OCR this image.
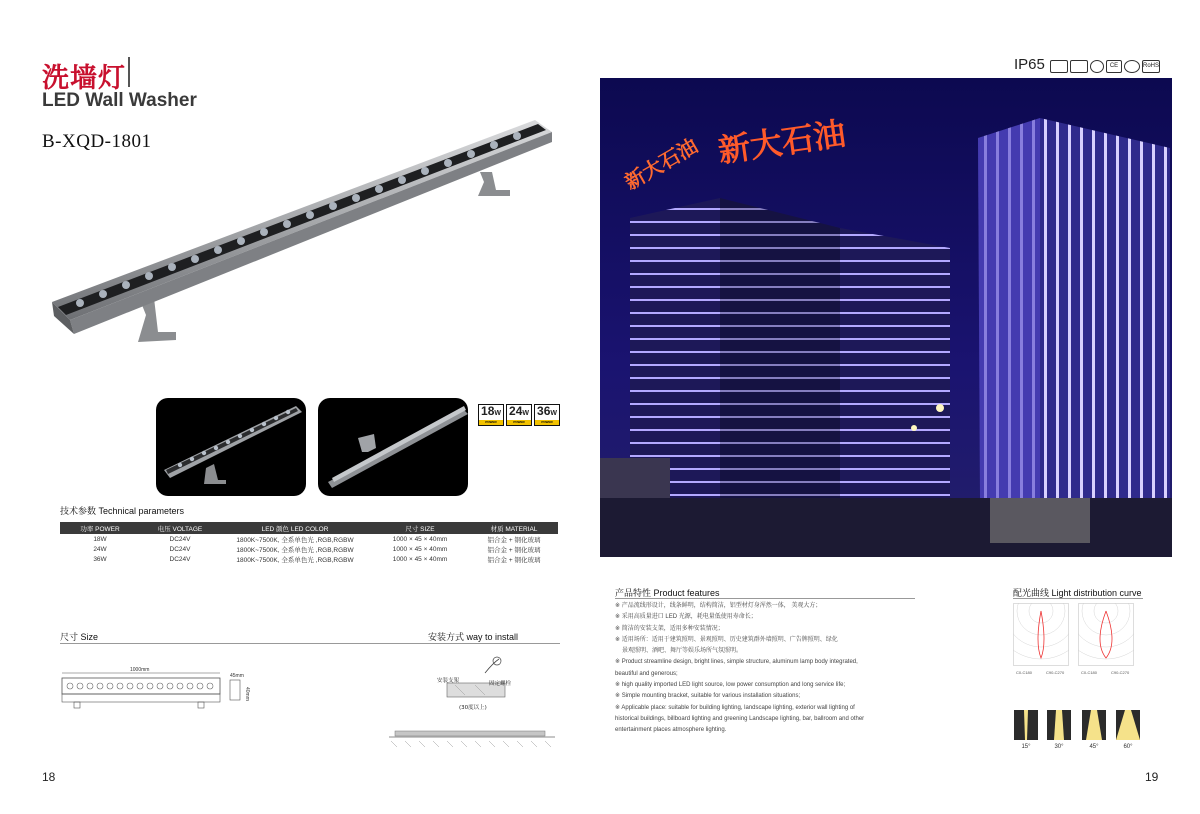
洗墙灯
LED Wall Washer
B-XQD-1801
18W
POWER
24W
POWER
36W
POWER
技术参数 Technical parameters
功率 POWER	电压 VOLTAGE	LED 颜色 LED COLOR	尺寸 SIZE	材质 MATERIAL
18W	DC24V	1800K~7500K, 全系单色光 ,RGB,RGBW	1000 × 45 × 40mm	铝合金 + 钢化玻璃
24W	DC24V	1800K~7500K, 全系单色光 ,RGB,RGBW	1000 × 45 × 40mm	铝合金 + 钢化玻璃
36W	DC24V	1800K~7500K, 全系单色光 ,RGB,RGBW	1000 × 45 × 40mm	铝合金 + 钢化玻璃
尺寸 Size	安装方式 way to install
1000mm
45mm
40mm
安装支架	固定螺栓
(30度以上)
18
IP65	CE	RoHS
新大石油
新大石油
产品特性 Product features
※ 产品流线形设计，线条鲜明，结构简洁，铝型材灯身浑然一体， 美观大方；
※ 采用高质量进口 LED 光源，耗电量低使用寿命长；
※ 简洁的安装支架，适用多种安装情况；
※ 适用场所：适用于建筑照明、景观照明、历史建筑群外墙照明、广告牌照明、绿化
景观照明、酒吧、舞厅等娱乐场所气氛照明。
※ Product streamline design, bright lines, simple structure, aluminum lamp body integrated,
beautiful and generous;
※ high quality imported LED light source, low power consumption and long service life;
※ Simple mounting bracket, suitable for various installation situations;
※ Applicable place: suitable for building lighting, landscape lighting, exterior wall lighting of
historical buildings, billboard lighting and greening Landscape lighting, bar, ballroom and other
entertainment places atmosphere lighting.
配光曲线 Light distribution curve
C0-C180	C90-C270	C0-C180	C90-C270
15°	30°	45°	60°
19
